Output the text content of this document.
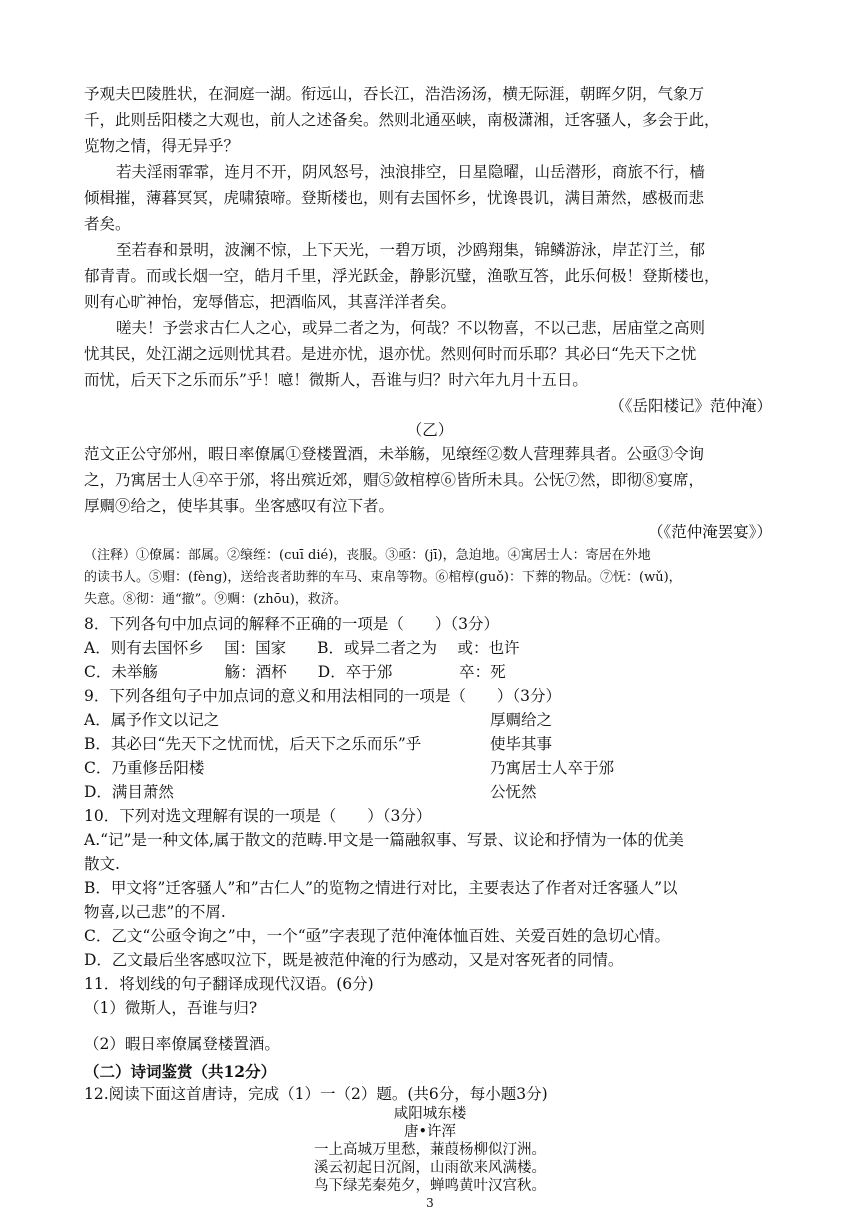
予观夫巴陵胜状，在洞庭一湖。衔远山，吞长江，浩浩汤汤，横无际涯，朝晖夕阴，气象万
千，此则岳阳楼之大观也，前人之述备矣。然则北通巫峡，南极潇湘，迁客骚人，多会于此，
览物之情，得无异乎？
若夫淫雨霏霏，连月不开，阴风怒号，浊浪排空，日星隐曜，山岳潜形，商旅不行，樯
倾楫摧，薄暮冥冥，虎啸猿啼。登斯楼也，则有去国怀乡，忧谗畏讥，满目萧然，感极而悲
者矣。
至若春和景明，波澜不惊，上下天光，一碧万顷，沙鸥翔集，锦鳞游泳，岸芷汀兰，郁
郁青青。而或长烟一空，皓月千里，浮光跃金，静影沉璧，渔歌互答，此乐何极！登斯楼也，
则有心旷神怡，宠辱偕忘，把酒临风，其喜洋洋者矣。
嗟夫！予尝求古仁人之心，或异二者之为，何哉？不以物喜，不以己悲，居庙堂之高则
忧其民，处江湖之远则忧其君。是进亦忧，退亦忧。然则何时而乐耶？其必曰“先天下之忧
而忧，后天下之乐而乐”乎！噫！微斯人，吾谁与归？时六年九月十五日。
（《岳阳楼记》范仲淹）
（乙）
范文正公守邠州，暇日率僚属①登楼置酒，未举觞，见缞绖②数人营理葬具者。公亟③令询
之，乃寓居士人④卒于邠，将出殡近郊，赗⑤敛棺椁⑥皆所未具。公怃⑦然，即彻⑧宴席，
厚赒⑨给之，使毕其事。坐客感叹有泣下者。
（《范仲淹罢宴》）
（注释）①僚属：部属。②缞绖：(cuī dié)，丧服。③亟：(jī)，急迫地。④寓居士人：寄居在外地
的读书人。⑤赗：(fèng)，送给丧者助葬的车马、束帛等物。⑥棺椁(guǒ)：下葬的物品。⑦怃：(wǔ)，
失意。⑧彻：通“撤”。⑨赒：(zhōu)，救济。
8．下列各句中加点词的解释不正确的一项是（　　）（3分）
A．则有去国怀乡　 国：国家　　B．或异二者之为　 或：也许
C．未举觞　　　　 觞：酒杯　　D．卒于邠　　　　 卒：死
9．下列各组句子中加点词的意义和用法相同的一项是（　　）（3分）
A．属予作文以记之	厚赒给之
B．其必曰“先天下之忧而忧，后天下之乐而乐”乎	使毕其事
C．乃重修岳阳楼	乃寓居士人卒于邠
D．满目萧然	公怃然
10．下列对选文理解有误的一项是（　　）（3分）
A.“记”是一种文体,属于散文的范畴.甲文是一篇融叙事、写景、议论和抒情为一体的优美
散文.
B．甲文将”迁客骚人”和”古仁人”的览物之情进行对比，主要表达了作者对迁客骚人”以
物喜,以己悲”的不屑.
C．乙文“公亟令询之”中，一个“亟”字表现了范仲淹体恤百姓、关爱百姓的急切心情。
D．乙文最后坐客感叹泣下，既是被范仲淹的行为感动，又是对客死者的同情。
11．将划线的句子翻译成现代汉语。(6分)
（1）微斯人，吾谁与归?
（2）暇日率僚属登楼置酒。
（二）诗词鉴赏（共12分）
12.阅读下面这首唐诗，完成（1）一（2）题。(共6分，每小题3分)
咸阳城东楼
唐•许浑
一上高城万里愁，蒹葭杨柳似汀洲。
溪云初起日沉阁，山雨欲来风满楼。
鸟下绿芜秦苑夕，蝉鸣黄叶汉宫秋。
3
